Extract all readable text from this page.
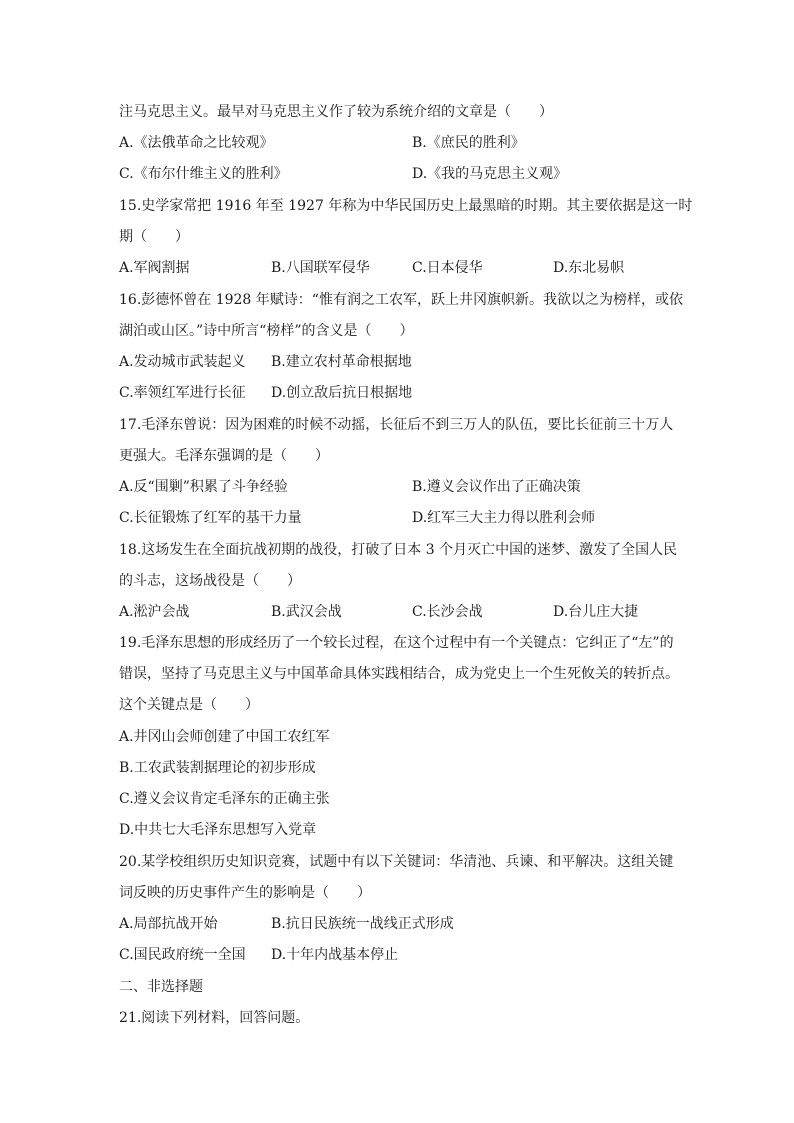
注马克思主义。最早对马克思主义作了较为系统介绍的文章是（　　）
A.《法俄革命之比较观》	B.《庶民的胜利》
C.《布尔什维主义的胜利》	D.《我的马克思主义观》
15.史学家常把 1916 年至 1927 年称为中华民国历史上最黑暗的时期。其主要依据是这一时
期（　　）
A.军阀割据	B.八国联军侵华	C.日本侵华	D.东北易帜
16.彭德怀曾在 1928 年赋诗：“惟有润之工农军，跃上井冈旗帜新。我欲以之为榜样，或依
湖泊或山区。”诗中所言“榜样”的含义是（　　）
A.发动城市武装起义 B.建立农村革命根据地
C.率领红军进行长征 D.创立敌后抗日根据地
17.毛泽东曾说：因为困难的时候不动摇，长征后不到三万人的队伍，要比长征前三十万人
更强大。毛泽东强调的是（　　）
A.反“围剿”积累了斗争经验	B.遵义会议作出了正确决策
C.长征锻炼了红军的基干力量	D.红军三大主力得以胜利会师
18.这场发生在全面抗战初期的战役，打破了日本 3 个月灭亡中国的迷梦、激发了全国人民
的斗志，这场战役是（　　）
A.淞沪会战	B.武汉会战	C.长沙会战	D.台儿庄大捷
19.毛泽东思想的形成经历了一个较长过程，在这个过程中有一个关键点：它纠正了“左”的
错误，坚持了马克思主义与中国革命具体实践相结合，成为党史上一个生死攸关的转折点。
这个关键点是（　　）
A.井冈山会师创建了中国工农红军
B.工农武装割据理论的初步形成
C.遵义会议肯定毛泽东的正确主张
D.中共七大毛泽东思想写入党章
20.某学校组织历史知识竞赛，试题中有以下关键词：华清池、兵谏、和平解决。这组关键
词反映的历史事件产生的影响是（　　）
A.局部抗战开始	B.抗日民族统一战线正式形成
C.国民政府统一全国 D.十年内战基本停止
二、非选择题
21.阅读下列材料，回答问题。
